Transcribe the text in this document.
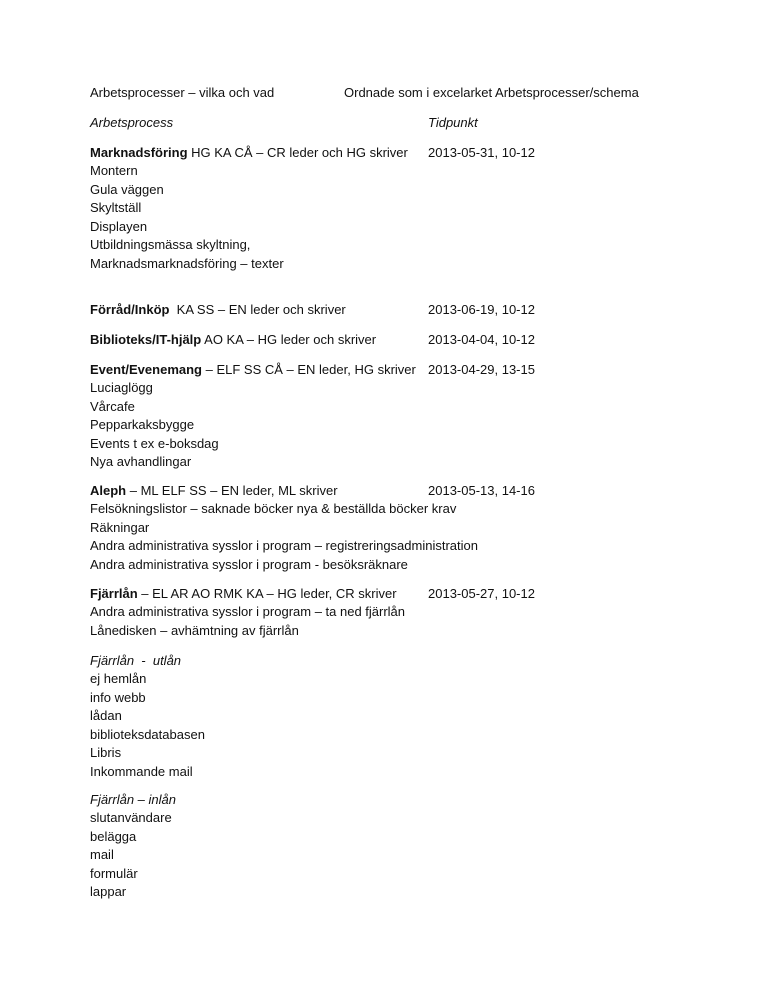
Arbetsprocesser – vilka och vad	Ordnade som i excelarket Arbetsprocesser/schema
Arbetsprocess	Tidpunkt
Marknadsföring HG KA CÅ – CR leder och HG skriver 2013-05-31, 10-12
Montern
Gula väggen
Skyltställ
Displayen
Utbildningsmässa skyltning,
Marknadsmarknadsföring – texter
Förråd/Inköp  KA SS – EN leder och skriver	2013-06-19, 10-12
Biblioteks/IT-hjälp AO KA – HG leder och skriver	2013-04-04, 10-12
Event/Evenemang – ELF SS CÅ – EN leder, HG skriver 2013-04-29, 13-15
Luciaglögg
Vårcafe
Pepparkaksbygge
Events t ex e-boksdag
Nya avhandlingar
Aleph – ML ELF SS – EN leder, ML skriver	2013-05-13, 14-16
Felsökningslistor – saknade böcker nya & beställda böcker krav
Räkningar
Andra administrativa sysslor i program – registreringsadministration
Andra administrativa sysslor i program - besöksräknare
Fjärrlån – EL AR AO RMK KA – HG leder, CR skriver 2013-05-27, 10-12
Andra administrativa sysslor i program – ta ned fjärrlån
Lånedisken – avhämtning av fjärrlån
Fjärrlån  -  utlån
ej hemlån
info webb
lådan
biblioteksdatabasen
Libris
Inkommande mail
Fjärrlån – inlån
slutanvändare
belägga
mail
formulär
lappar
